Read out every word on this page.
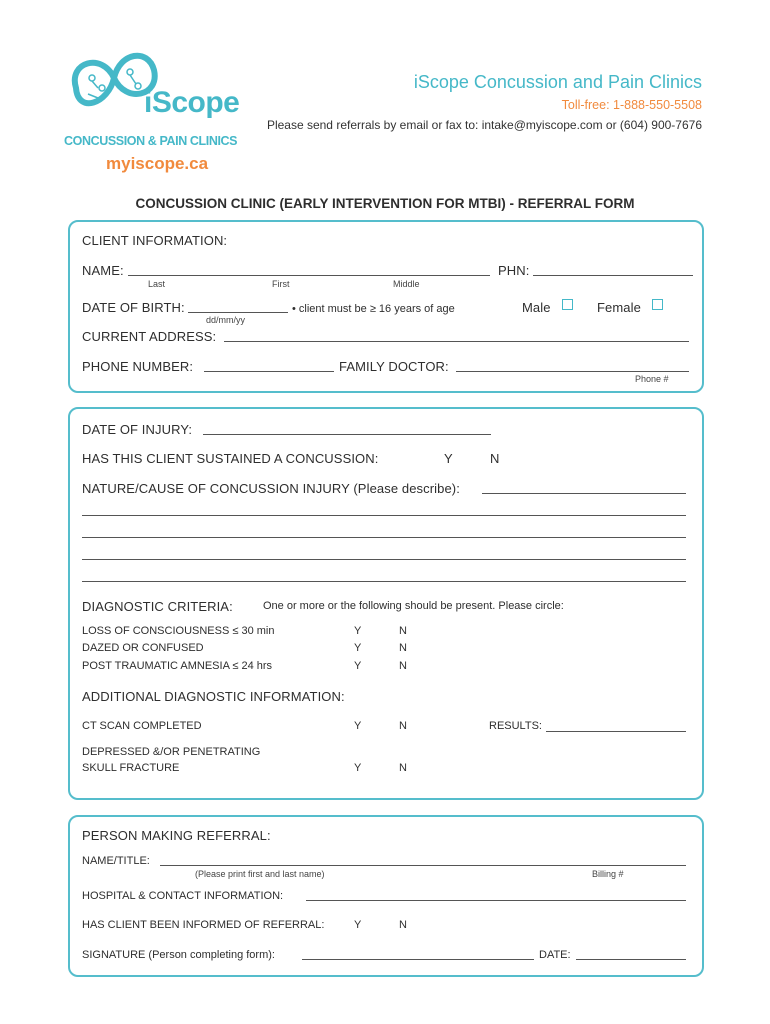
iScope
CONCUSSION & PAIN CLINICS
myiscope.ca
iScope Concussion and Pain Clinics
Toll-free: 1-888-550-5508
Please send referrals by email or fax to: intake@myiscope.com or (604) 900-7676
CONCUSSION CLINIC (EARLY INTERVENTION FOR MTBI) - REFERRAL FORM
CLIENT INFORMATION:
NAME:
Last	First	Middle
PHN:
DATE OF BIRTH:
dd/mm/yy
• client must be ≥ 16 years of age	Male	Female
CURRENT ADDRESS:
PHONE NUMBER:	FAMILY DOCTOR:
Phone #
DATE OF INJURY:
HAS THIS CLIENT SUSTAINED A CONCUSSION:	Y	N
NATURE/CAUSE OF CONCUSSION INJURY (Please describe):
DIAGNOSTIC CRITERIA:	One or more or the following should be present. Please circle:
LOSS OF CONSCIOUSNESS ≤ 30 min	Y	N
DAZED OR CONFUSED	Y	N
POST TRAUMATIC AMNESIA ≤ 24 hrs	Y	N
ADDITIONAL DIAGNOSTIC INFORMATION:
CT SCAN COMPLETED	Y	N	RESULTS:
DEPRESSED &/OR PENETRATING
SKULL FRACTURE	Y	N
PERSON MAKING REFERRAL:
NAME/TITLE:
(Please print first and last name)	Billing #
HOSPITAL & CONTACT INFORMATION:
HAS CLIENT BEEN INFORMED OF REFERRAL:	Y	N
SIGNATURE (Person completing form):	DATE:
